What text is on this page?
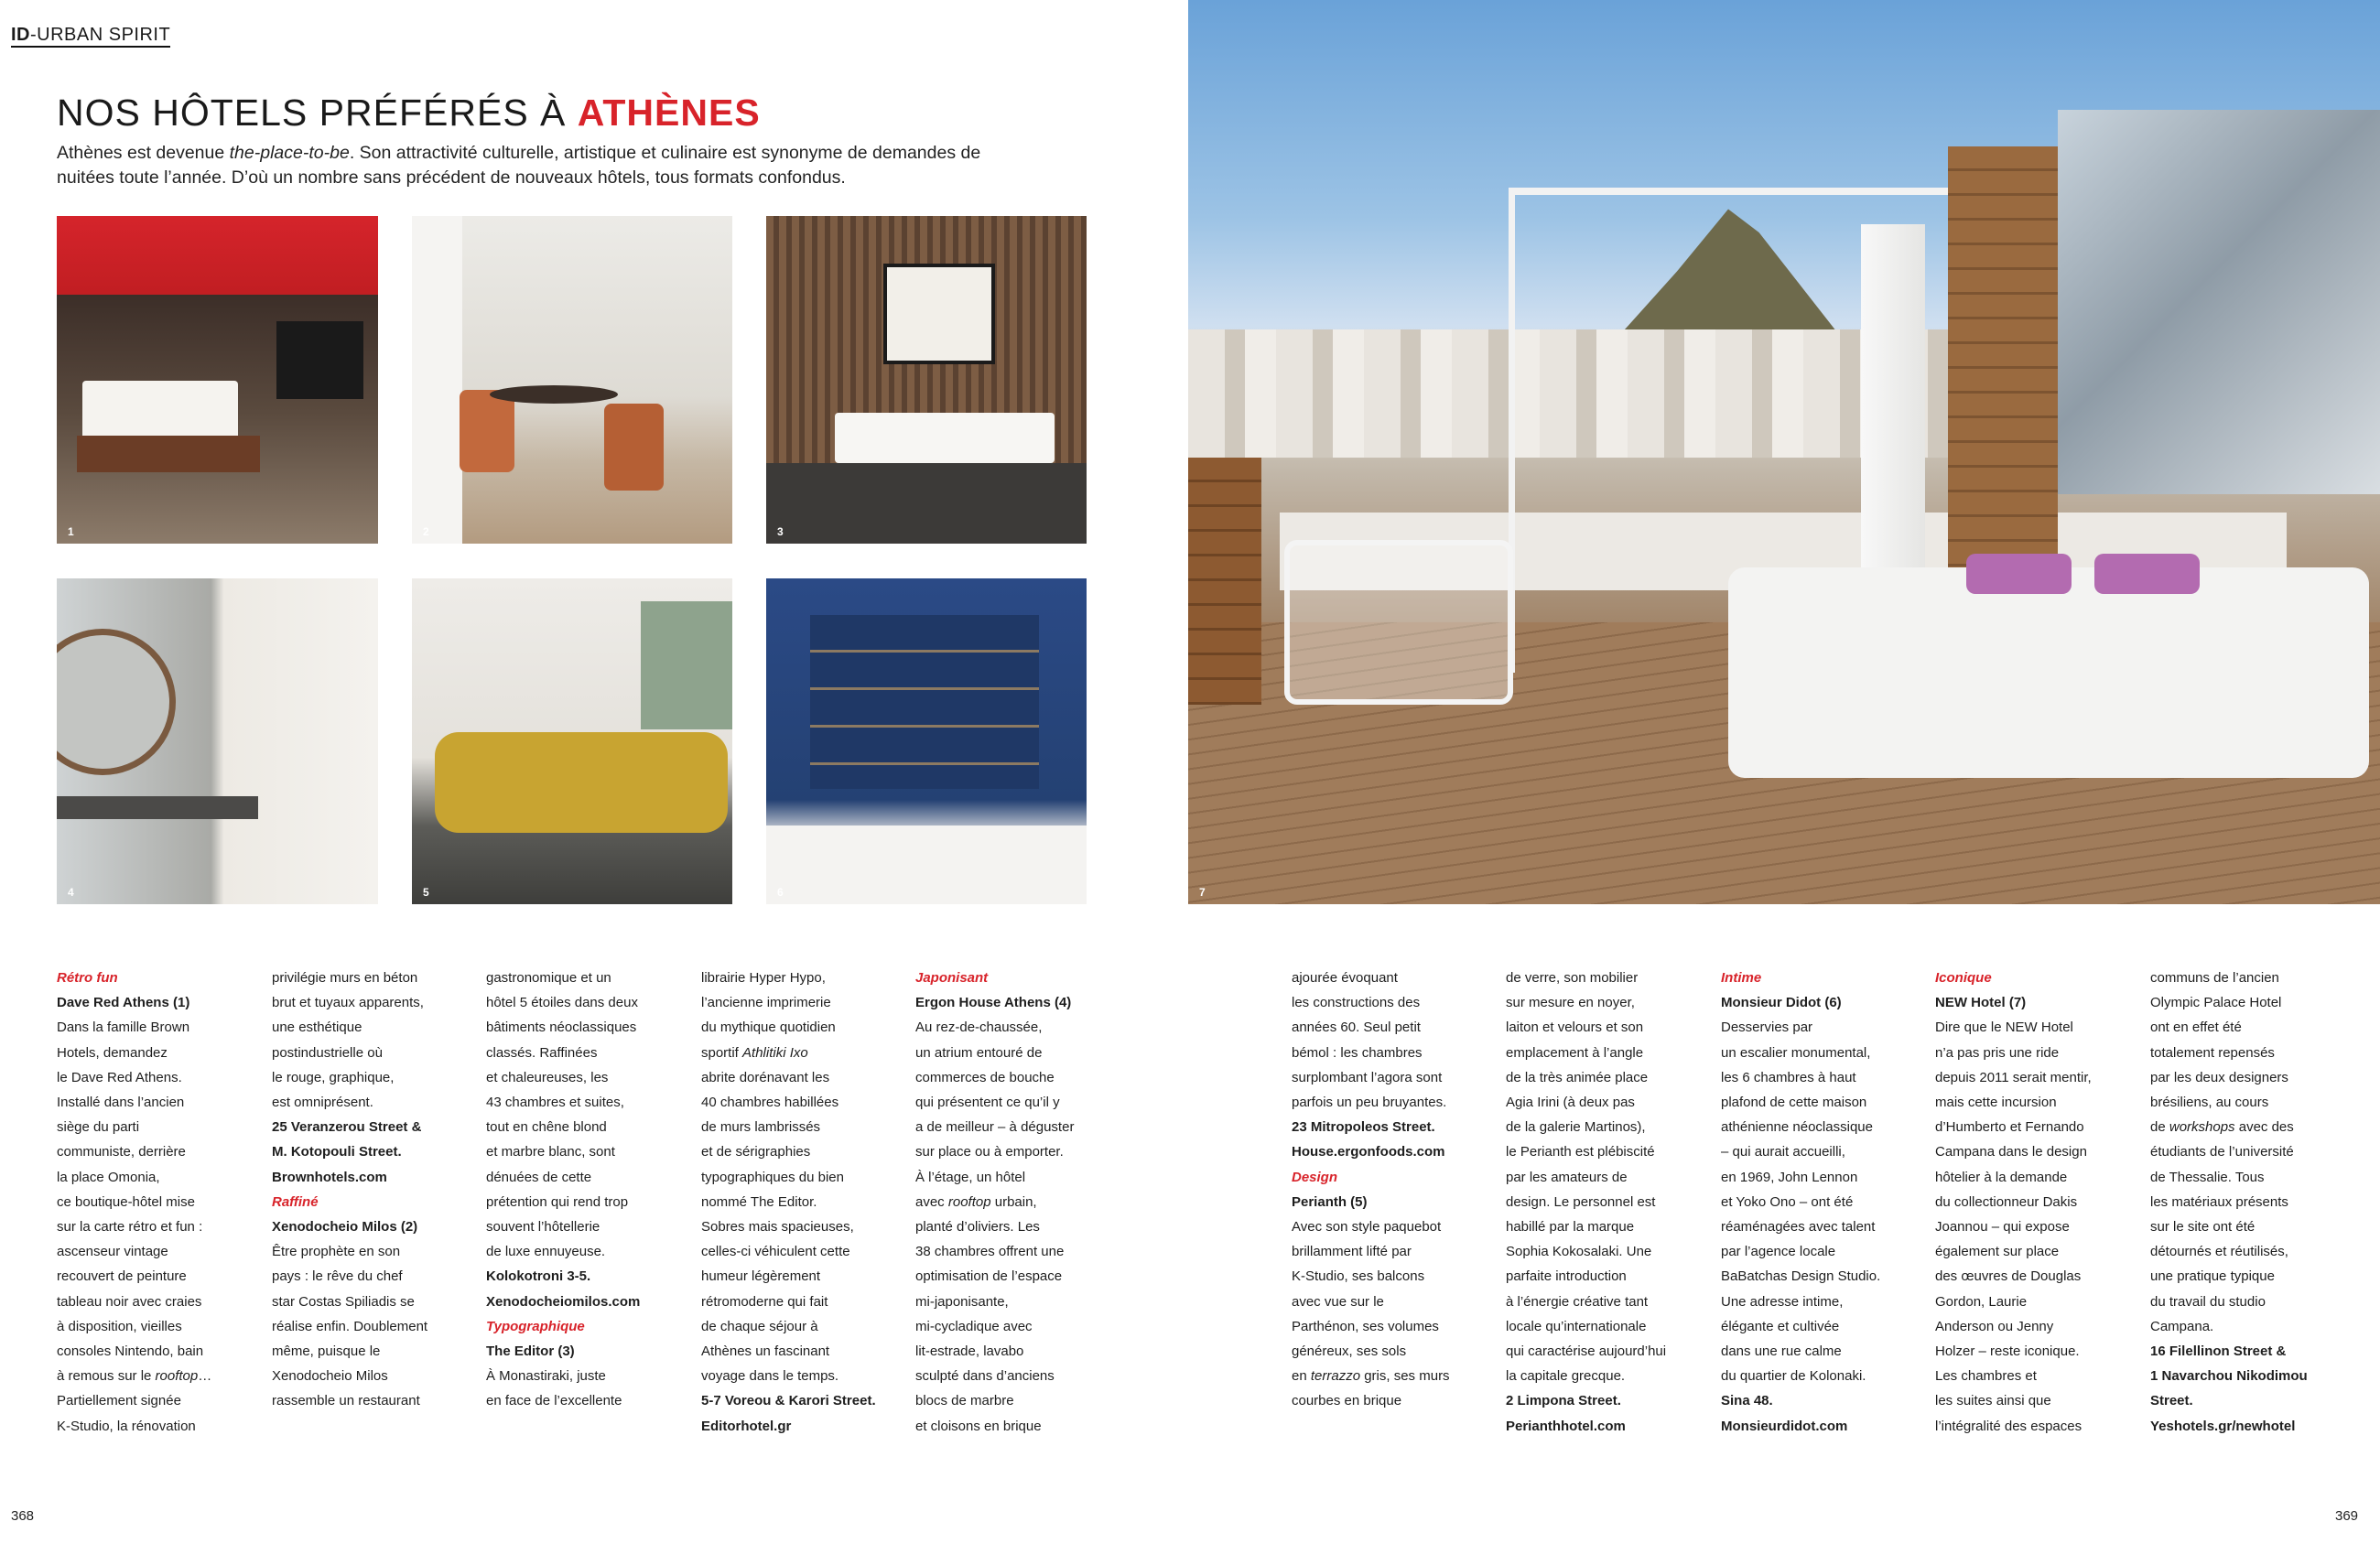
ID-URBAN SPIRIT
NOS HÔTELS PRÉFÉRÉS À ATHÈNES

Athènes est devenue the-place-to-be. Son attractivité culturelle, artistique et culinaire est synonyme de demandes de nuitées toute l’année. D’où un nombre sans précédent de nouveaux hôtels, tous formats confondus.

1	2	3
4	5	6	7

Rétro fun

Dave Red Athens (1)

Dans la famille Brown
Hotels, demandez
le Dave Red Athens.
Installé dans l’ancien
siège du parti
communiste, derrière
la place Omonia,
ce boutique-hôtel mise
sur la carte rétro et fun :
ascenseur vintage
recouvert de peinture
tableau noir avec craies
à disposition, vieilles
consoles Nintendo, bain
à remous sur le rooftop…
Partiellement signée
K-Studio, la rénovation

privilégie murs en béton
brut et tuyaux apparents,
une esthétique
postindustrielle où
le rouge, graphique,
est omniprésent.

25 Veranzerou Street &
M. Kotopouli Street.
Brownhotels.com

Raffiné

Xenodocheio Milos (2)

Être prophète en son
pays : le rêve du chef
star Costas Spiliadis se
réalise enfin. Doublement
même, puisque le
Xenodocheio Milos
rassemble un restaurant

gastronomique et un
hôtel 5 étoiles dans deux
bâtiments néoclassiques
classés. Raffinées
et chaleureuses, les
43 chambres et suites,
tout en chêne blond
et marbre blanc, sont
dénuées de cette
prétention qui rend trop
souvent l’hôtellerie
de luxe ennuyeuse.

Kolokotroni 3-5.
Xenodocheiomilos.com

Typographique

The Editor (3)

À Monastiraki, juste
en face de l’excellente

librairie Hyper Hypo,
l’ancienne imprimerie
du mythique quotidien
sportif Athlitiki Ixo
abrite dorénavant les
40 chambres habillées
de murs lambrissés
et de sérigraphies
typographiques du bien
nommé The Editor.
Sobres mais spacieuses,
celles-ci véhiculent cette
humeur légèrement
rétromoderne qui fait
de chaque séjour à
Athènes un fascinant
voyage dans le temps.

5-7 Voreou & Karori Street.
Editorhotel.gr

Japonisant

Ergon House Athens (4)

Au rez-de-chaussée,
un atrium entouré de
commerces de bouche
qui présentent ce qu’il y
a de meilleur – à déguster
sur place ou à emporter.
À l’étage, un hôtel
avec rooftop urbain,
planté d’oliviers. Les
38 chambres offrent une
optimisation de l’espace
mi-japonisante,
mi-cycladique avec
lit-estrade, lavabo
sculpté dans d’anciens
blocs de marbre
et cloisons en brique

ajourée évoquant
les constructions des
années 60. Seul petit
bémol : les chambres
surplombant l’agora sont
parfois un peu bruyantes.

23 Mitropoleos Street.
House.ergonfoods.com

Design

Perianth (5)

Avec son style paquebot
brillamment lifté par
K-Studio, ses balcons
avec vue sur le
Parthénon, ses volumes
généreux, ses sols
en terrazzo gris, ses murs
courbes en brique

de verre, son mobilier
sur mesure en noyer,
laiton et velours et son
emplacement à l’angle
de la très animée place
Agia Irini (à deux pas
de la galerie Martinos),
le Perianth est plébiscité
par les amateurs de
design. Le personnel est
habillé par la marque
Sophia Kokosalaki. Une
parfaite introduction
à l’énergie créative tant
locale qu’internationale
qui caractérise aujourd’hui
la capitale grecque.

2 Limpona Street.
Perianthhotel.com

Intime

Monsieur Didot (6)

Desservies par
un escalier monumental,
les 6 chambres à haut
plafond de cette maison
athénienne néoclassique
– qui aurait accueilli,
en 1969, John Lennon
et Yoko Ono – ont été
réaménagées avec talent
par l’agence locale
BaBatchas Design Studio.
Une adresse intime,
élégante et cultivée
dans une rue calme
du quartier de Kolonaki.

Sina 48.
Monsieurdidot.com

Iconique

NEW Hotel (7)

Dire que le NEW Hotel
n’a pas pris une ride
depuis 2011 serait mentir,
mais cette incursion
d’Humberto et Fernando
Campana dans le design
hôtelier à la demande
du collectionneur Dakis
Joannou – qui expose
également sur place
des œuvres de Douglas
Gordon, Laurie
Anderson ou Jenny
Holzer – reste iconique.
Les chambres et
les suites ainsi que
l’intégralité des espaces

communs de l’ancien
Olympic Palace Hotel
ont en effet été
totalement repensés
par les deux designers
brésiliens, au cours
de workshops avec des
étudiants de l’université
de Thessalie. Tous
les matériaux présents
sur le site ont été
détournés et réutilisés,
une pratique typique
du travail du studio
Campana.

16 Filellinon Street &
1 Navarchou Nikodimou
Street.
Yeshotels.gr/newhotel

368	369
